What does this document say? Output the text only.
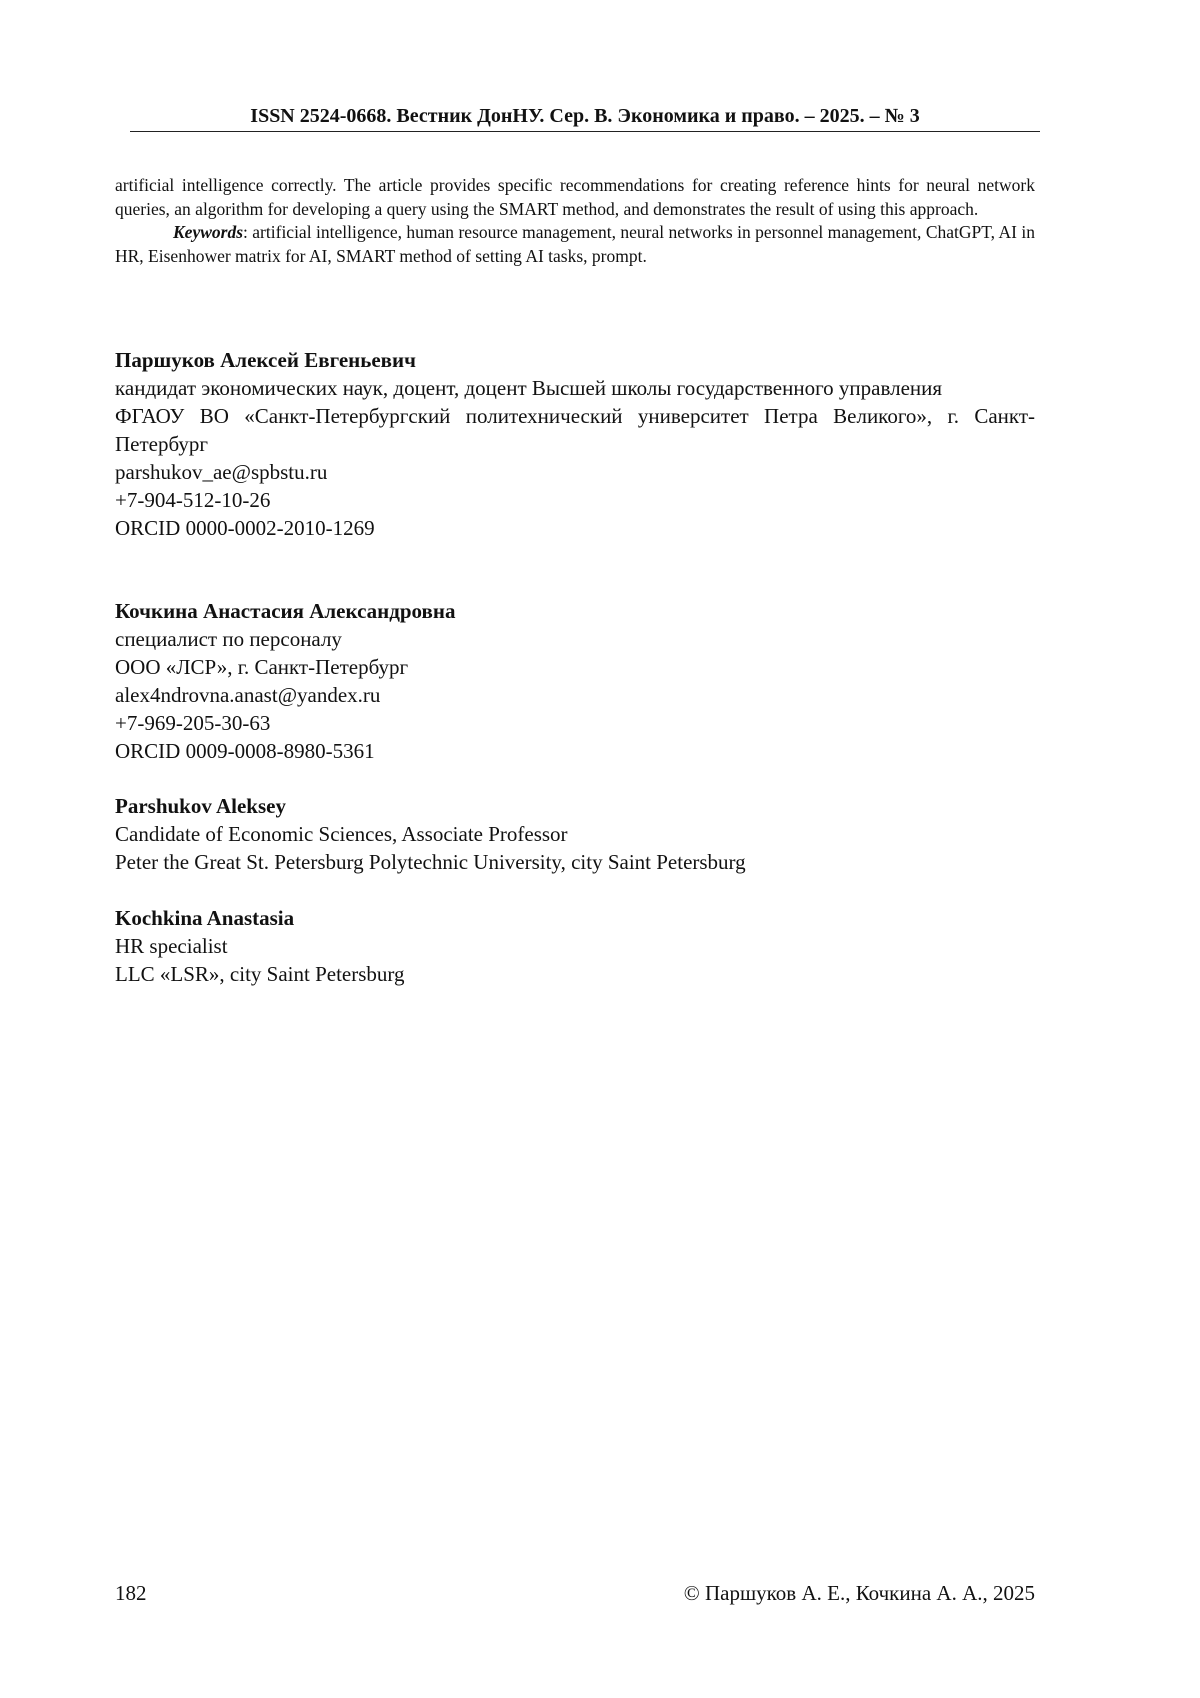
ISSN 2524-0668. Вестник ДонНУ. Сер. В. Экономика и право. – 2025. – № 3

artificial intelligence correctly. The article provides specific recommendations for creating reference hints for neural network queries, an algorithm for developing a query using the SMART method, and demonstrates the result of using this approach.

Keywords: artificial intelligence, human resource management, neural networks in personnel management, ChatGPT, AI in HR, Eisenhower matrix for AI, SMART method of setting AI tasks, prompt.

Паршуков Алексей Евгеньевич
кандидат экономических наук, доцент, доцент Высшей школы государственного управления
ФГАОУ ВО «Санкт-Петербургский политехнический университет Петра Великого», г. Санкт-Петербург
parshukov_ae@spbstu.ru
+7-904-512-10-26
ORCID 0000-0002-2010-1269
Кочкина Анастасия Александровна
специалист по персоналу
ООО «ЛСР», г. Санкт-Петербург
alex4ndrovna.anast@yandex.ru
+7-969-205-30-63
ORCID 0009-0008-8980-5361
Parshukov Aleksey
Candidate of Economic Sciences, Associate Professor
Peter the Great St. Petersburg Polytechnic University, city Saint Petersburg
Kochkina Anastasia
HR specialist
LLC «LSR», city Saint Petersburg
182	© Паршуков А. Е., Кочкина А. А., 2025
